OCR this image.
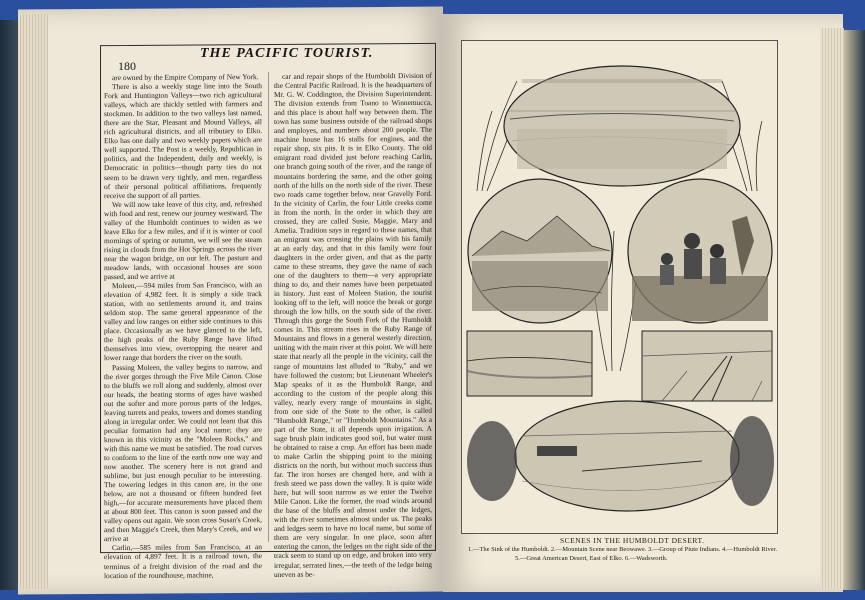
180
THE PACIFIC TOURIST.

are owned by the Empire Company of New York.

There is also a weekly stage line into the South Fork and Huntington Valleys—two rich agricultural valleys, which are thickly settled with farmers and stockmen. In addition to the two valleys last named, there are the Star, Pleasant and Mound Valleys, all rich agricultural districts, and all tributary to Elko. Elko has one daily and two weekly papers which are well supported. The Post is a weekly, Republican in politics, and the Independent, daily and weekly, is Democratic in politics—though party ties do not seem to be drawn very tightly, and men, regardless of their personal political affiliations, frequently receive the support of all parties.

We will now take leave of this city, and, refreshed with food and rest, renew our journey westward. The valley of the Humboldt continues to widen as we leave Elko for a few miles, and if it is winter or cool mornings of spring or autumn, we will see the steam rising in clouds from the Hot Springs across the river near the wagon bridge, on our left. The pasture and meadow lands, with occasional houses are soon passed, and we arrive at

Moleen,—594 miles from San Francisco, with an elevation of 4,982 feet. It is simply a side track station, with no settlements around it, and trains seldom stop. The same general appearance of the valley and low ranges on either side continues to this place. Occasionally as we have glanced to the left, the high peaks of the Ruby Range have lifted themselves into view, overtopping the nearer and lower range that borders the river on the south.

Passing Moleen, the valley begins to narrow, and the river gorges through the Five Mile Canon. Close to the bluffs we roll along and suddenly, almost over our heads, the beating storms of ages have washed out the softer and more porous parts of the ledges, leaving turrets and peaks, towers and domes standing along in irregular order. We could not learn that this peculiar formation had any local name; they are known in this vicinity as the "Moleen Rocks," and with this name we must be satisfied. The road curves to conform to the line of the earth now one way and now another. The scenery here is not grand and sublime, but just enough peculiar to be interesting. The towering ledges in this canon are, in the one below, are not a thousand or fifteen hundred feet high,—for accurate measurements have placed them at about 800 feet. This canon is soon passed and the valley opens out again. We soon cross Susan's Creek, and then Maggie's Creek, then Mary's Creek, and we arrive at

Carlin,—585 miles from San Francisco, at an elevation of 4,897 feet. It is a railroad town, the terminus of a freight division of the road and the location of the roundhouse, machine,

car and repair shops of the Humboldt Division of the Central Pacific Railroad. It is the headquarters of Mr. G. W. Coddington, the Division Superintendent. The division extends from Toano to Winnemucca, and this place is about half way between them. The town has some business outside of the railroad shops and employes, and numbers about 200 people. The machine house has 16 stalls for engines, and the repair shop, six pits. It is in Elko County. The old emigrant road divided just before reaching Carlin, one branch going south of the river, and the range of mountains bordering the same, and the other going north of the hills on the north side of the river. These two roads came together below, near Gravelly Ford. In the vicinity of Carlin, the four Little creeks come in from the north. In the order in which they are crossed, they are called Susie, Maggie, Mary and Amelia. Tradition says in regard to these names, that an emigrant was crossing the plains with his family at an early day, and that in this family were four daughters in the order given, and that as the party came to these streams, they gave the name of each one of the daughters to them—a very appropriate thing to do, and their names have been perpetuated in history. Just east of Moleen Station, the tourist looking off to the left, will notice the break or gorge through the low hills, on the south side of the river. Through this gorge the South Fork of the Humboldt comes in. This stream rises in the Ruby Range of Mountains and flows in a general westerly direction, uniting with the main river at this point. We will here state that nearly all the people in the vicinity, call the range of mountains last alluded to "Ruby," and we have followed the custom; but Lieutenant Wheeler's Map speaks of it as the Humboldt Range, and according to the custom of the people along this valley, nearly every range of mountains in sight, from one side of the State to the other, is called "Humboldt Range," or "Humboldt Mountains." As a part of the State, it all depends upon irrigation. A sage brush plain indicates good soil, but water must be obtained to raise a crop. An effort has been made to make Carlin the shipping point to the mining districts on the north, but without much success thus far. The iron horses are changed here, and with a fresh steed we pass down the valley. It is quite wide here, but will soon narrow as we enter the Twelve Mile Canon. Like the former, the road winds around the base of the bluffs and almost under the ledges, with the river sometimes almost under us. The peaks and ledges seem to have no local name, but some of them are very singular. In one place, soon after entering the canon, the ledges on the right side of the track seem to stand up on edge, and broken into very irregular, serrated lines,—the teeth of the ledge being uneven as be-

SCENES IN THE HUMBOLDT DESERT.
1.—The Sink of the Humboldt. 2.—Mountain Scene near Beowawe. 3.—Group of Piute Indians. 4.—Humboldt River.
5.—Great American Desert, East of Elko. 6.—Wadsworth.
